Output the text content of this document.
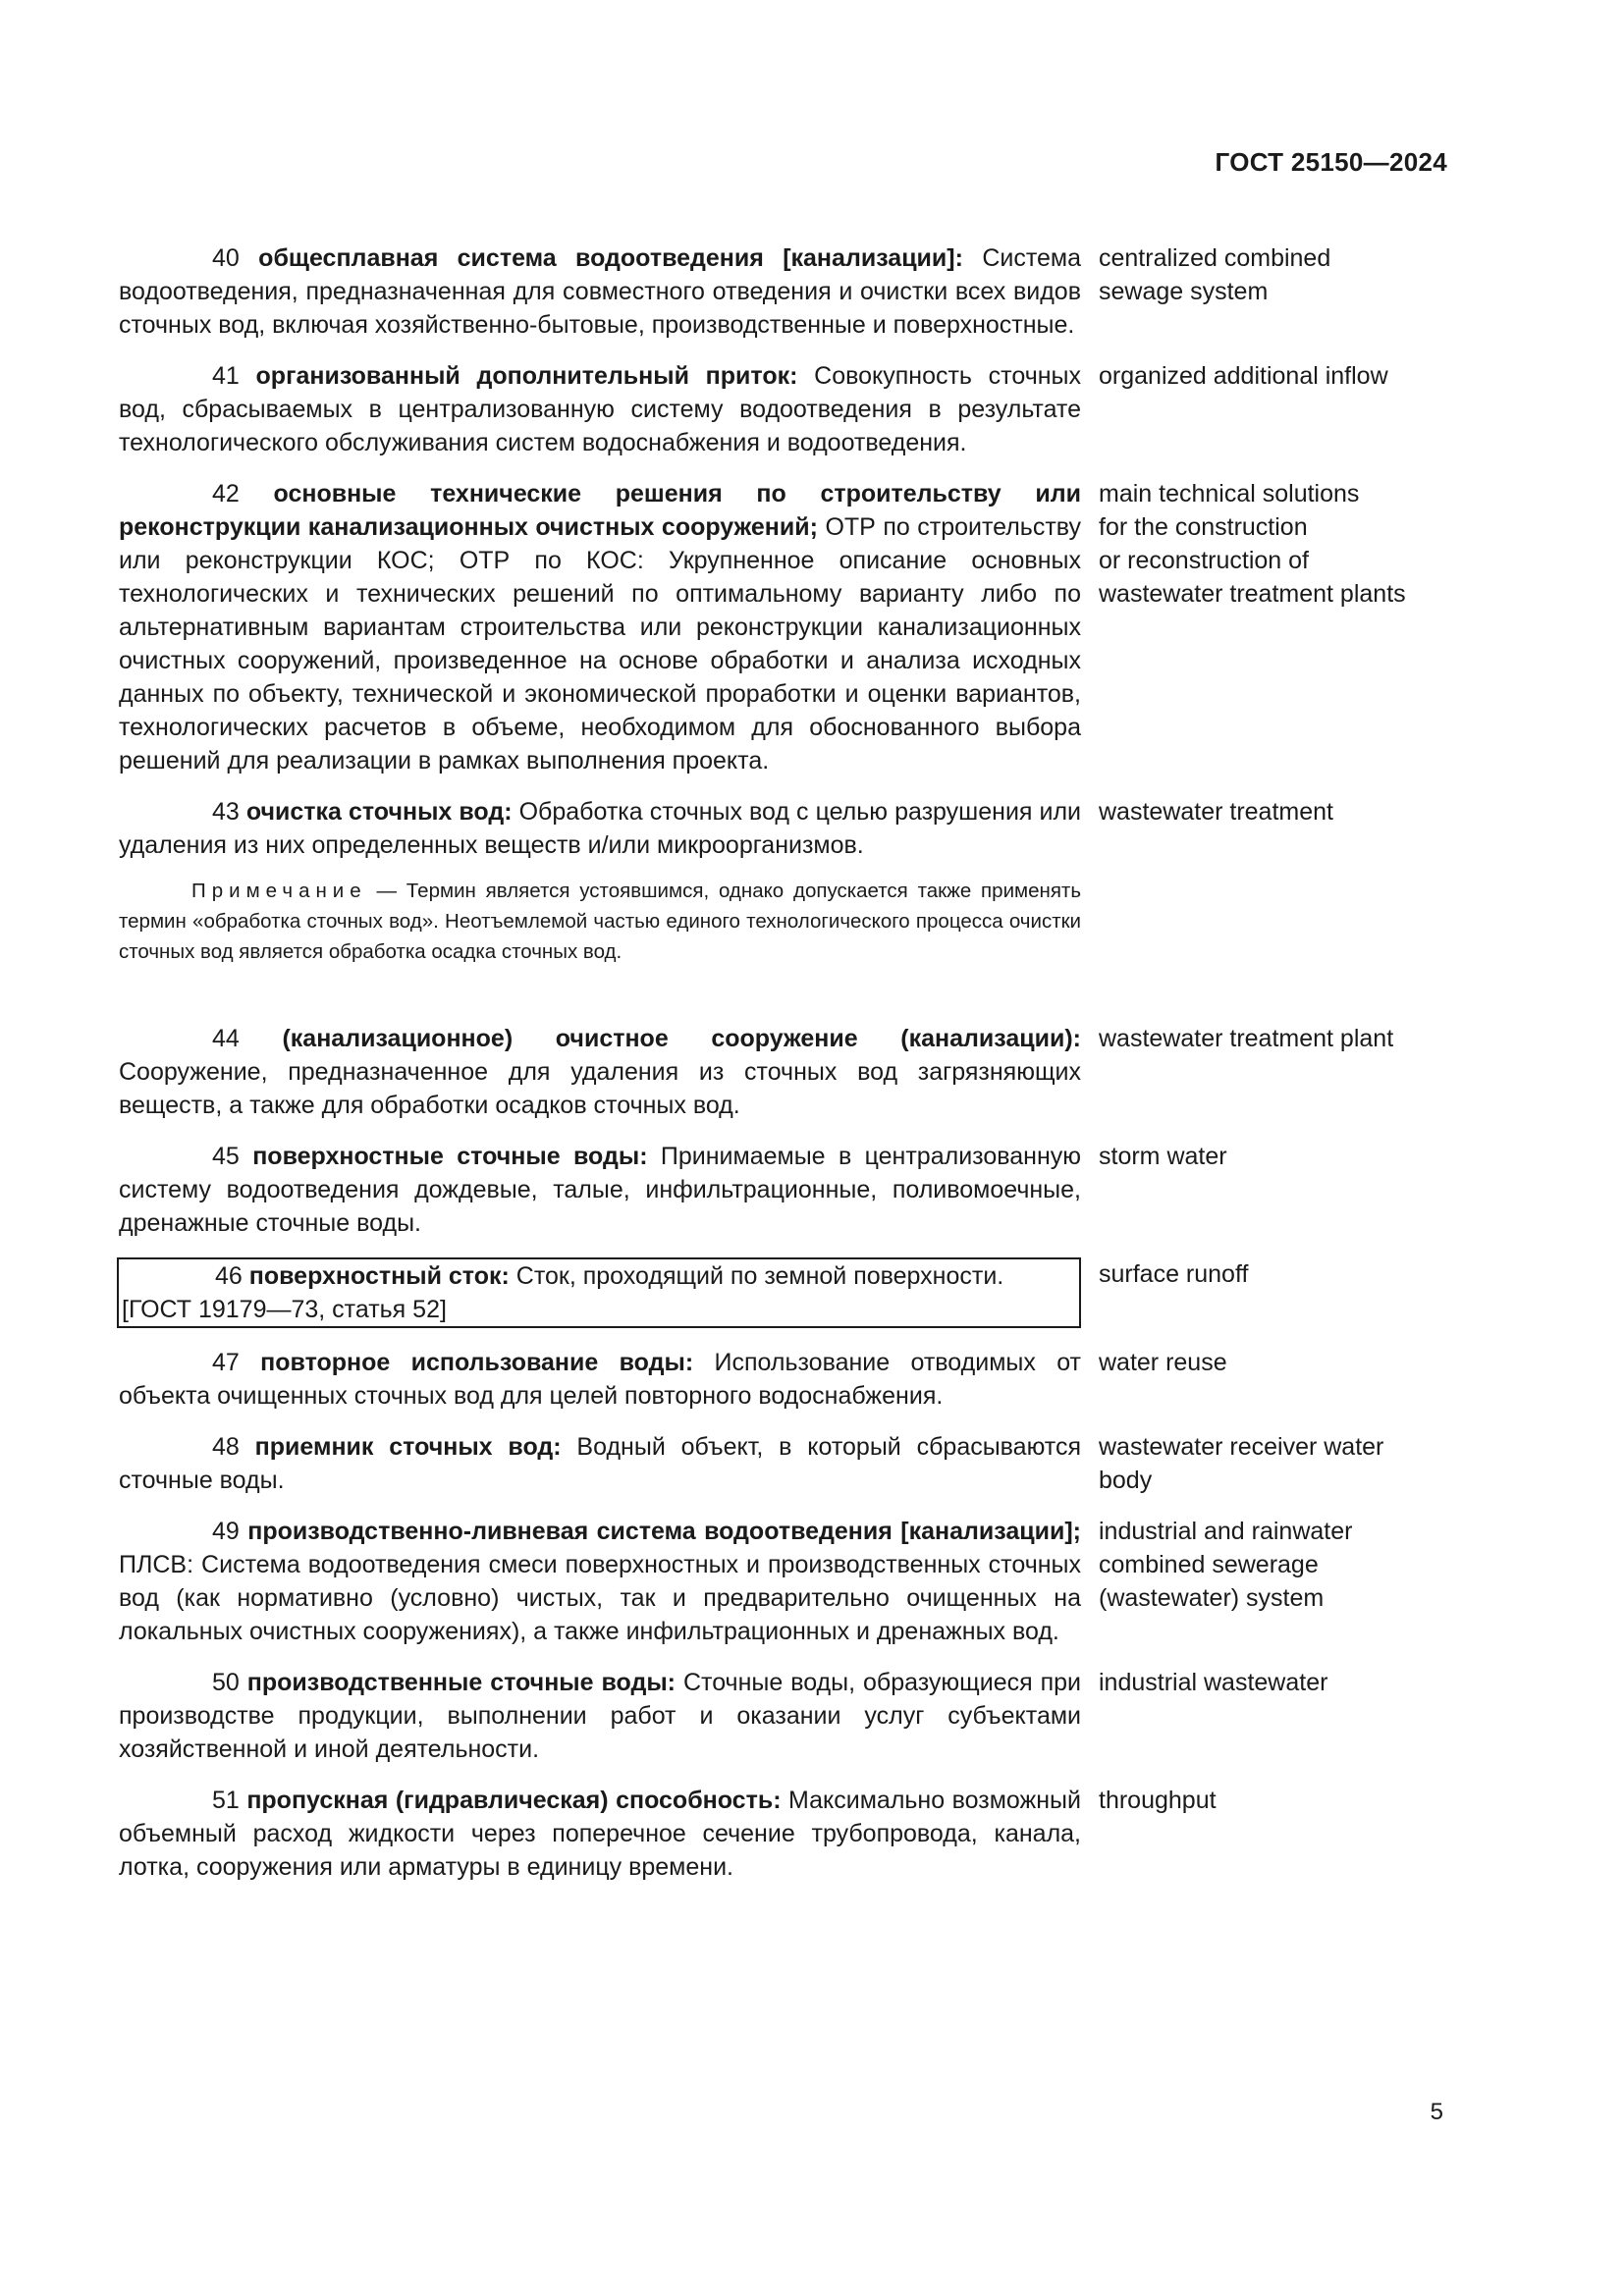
ГОСТ 25150—2024
40 общесплавная система водоотведения [канализации]: Система водоотведения, предназначенная для совместного отведения и очистки всех видов сточных вод, включая хозяйственно-бытовые, производственные и поверхностные.
centralized combined
sewage system
41 организованный дополнительный приток: Совокупность сточных вод, сбрасываемых в централизованную систему водоотведения в результате технологического обслуживания систем водоснабжения и водоотведения.
organized additional inflow
42 основные технические решения по строительству или реконструкции канализационных очистных сооружений; ОТР по строительству или реконструкции КОС; ОТР по КОС: Укрупненное описание основных технологических и технических решений по оптимальному варианту либо по альтернативным вариантам строительства или реконструкции канализационных очистных сооружений, произведенное на основе обработки и анализа исходных данных по объекту, технической и экономической проработки и оценки вариантов, технологических расчетов в объеме, необходимом для обоснованного выбора решений для реализации в рамках выполнения проекта.
main technical solutions
for the construction
or reconstruction of
wastewater treatment plants
43 очистка сточных вод: Обработка сточных вод с целью разрушения или удаления из них определенных веществ и/или микроорганизмов.
wastewater treatment
Примечание — Термин является устоявшимся, однако допускается также применять термин «обработка сточных вод». Неотъемлемой частью единого технологического процесса очистки сточных вод является обработка осадка сточных вод.
44 (канализационное) очистное сооружение (канализации): Сооружение, предназначенное для удаления из сточных вод загрязняющих веществ, а также для обработки осадков сточных вод.
wastewater treatment plant
45 поверхностные сточные воды: Принимаемые в централизованную систему водоотведения дождевые, талые, инфильтрационные, поливомоечные, дренажные сточные воды.
storm water
46 поверхностный сток: Сток, проходящий по земной поверхности.
[ГОСТ 19179—73, статья 52]
surface runoff
47 повторное использование воды: Использование отводимых от объекта очищенных сточных вод для целей повторного водоснабжения.
water reuse
48 приемник сточных вод: Водный объект, в который сбрасываются сточные воды.
wastewater receiver water
body
49 производственно-ливневая система водоотведения [канализации]; ПЛСВ: Система водоотведения смеси поверхностных и производственных сточных вод (как нормативно (условно) чистых, так и предварительно очищенных на локальных очистных сооружениях), а также инфильтрационных и дренажных вод.
industrial and rainwater
combined sewerage
(wastewater) system
50 производственные сточные воды: Сточные воды, образующиеся при производстве продукции, выполнении работ и оказании услуг субъектами хозяйственной и иной деятельности.
industrial wastewater
51 пропускная (гидравлическая) способность: Максимально возможный объемный расход жидкости через поперечное сечение трубопровода, канала, лотка, сооружения или арматуры в единицу времени.
throughput
5
